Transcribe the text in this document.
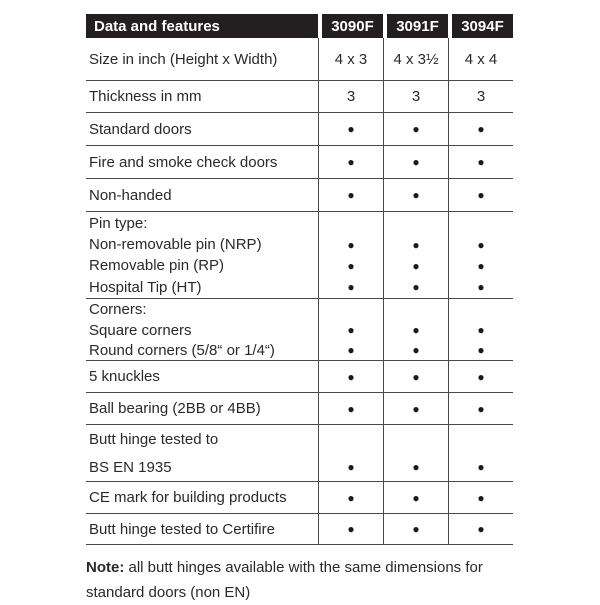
Data and features	3090F	3091F	3094F
Size in inch (Height x Width)	4 x 3	4 x 3½	4 x 4
Thickness in mm	3	3	3
Standard doors	●	●	●
Fire and smoke check doors	●	●	●
Non-handed	●	●	●
Pin type:
Non-removable pin (NRP)	●	●	●
Removable pin (RP)	●	●	●
Hospital Tip (HT)	●	●	●
Corners:
Square corners	●	●	●
Round corners (5/8“ or 1/4“)	●	●	●
5 knuckles	●	●	●
Ball bearing (2BB or 4BB)	●	●	●
Butt hinge tested to
BS EN 1935	●	●	●
CE mark for building products	●	●	●
Butt hinge tested to Certifire	●	●	●

Note: all butt hinges available with the same dimensions for standard doors (non EN)
